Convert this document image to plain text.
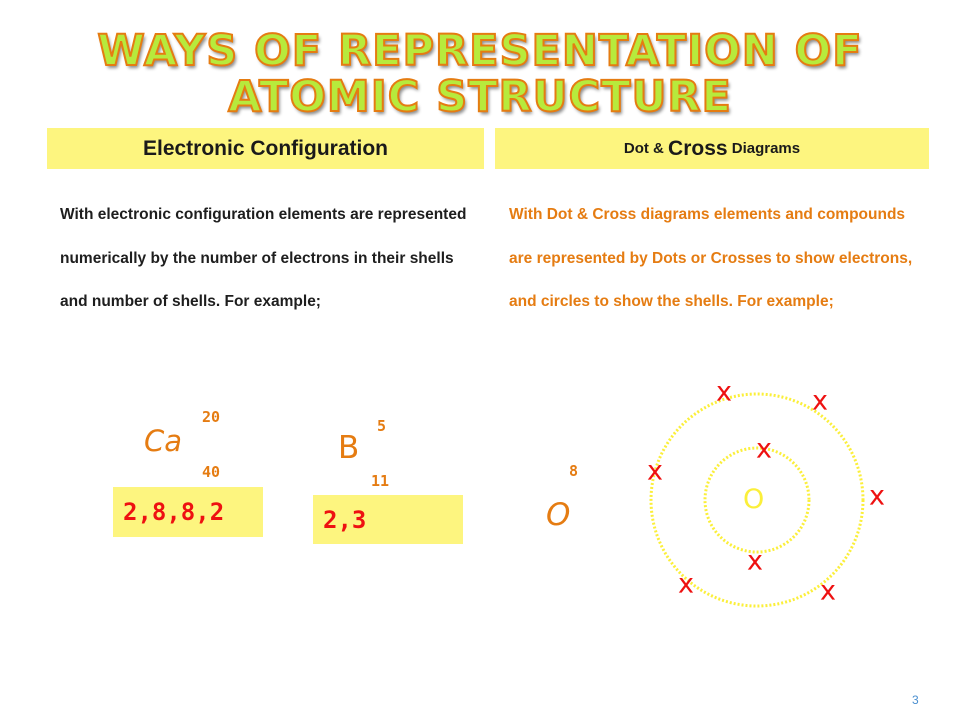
WAYS OF REPRESENTATION OF ATOMIC STRUCTURE
Electronic Configuration	Dot & Cross Diagrams
With electronic configuration elements are represented numerically by the number of electrons in their shells and number of shells. For example;
With Dot & Cross diagrams elements and compounds are represented by Dots or Crosses to show electrons, and circles to show the shells. For example;
Ca
20
40
2,8,8,2
B
5
11
2,3
8
O	O
x	x
x
x
x	x
x
x
3
